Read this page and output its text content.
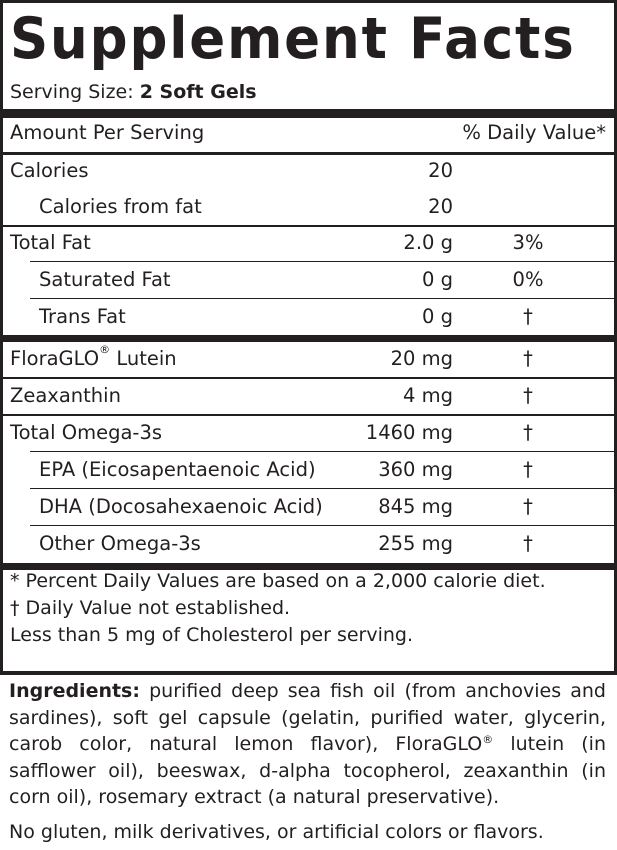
Supplement Facts
Serving Size: 2 Soft Gels
Amount Per Serving	% Daily Value*
Calories	20
Calories from fat	20
Total Fat	2.0 g	3%
Saturated Fat	0 g	0%
Trans Fat	0 g	†
FloraGLO® Lutein	20 mg	†
Zeaxanthin	4 mg	†
Total Omega-3s	1460 mg	†
EPA (Eicosapentaenoic Acid)	360 mg	†
DHA (Docosahexaenoic Acid)	845 mg	†
Other Omega-3s	255 mg	†
* Percent Daily Values are based on a 2,000 calorie diet.
† Daily Value not established.
Less than 5 mg of Cholesterol per serving.
Ingredients: purified deep sea fish oil (from anchovies and sardines), soft gel capsule (gelatin, purified water, glycerin, carob color, natural lemon flavor), FloraGLO® lutein (in safflower oil), beeswax, d-alpha tocopherol, zeaxanthin (in corn oil), rosemary extract (a natural preservative).
No gluten, milk derivatives, or artificial colors or flavors.
